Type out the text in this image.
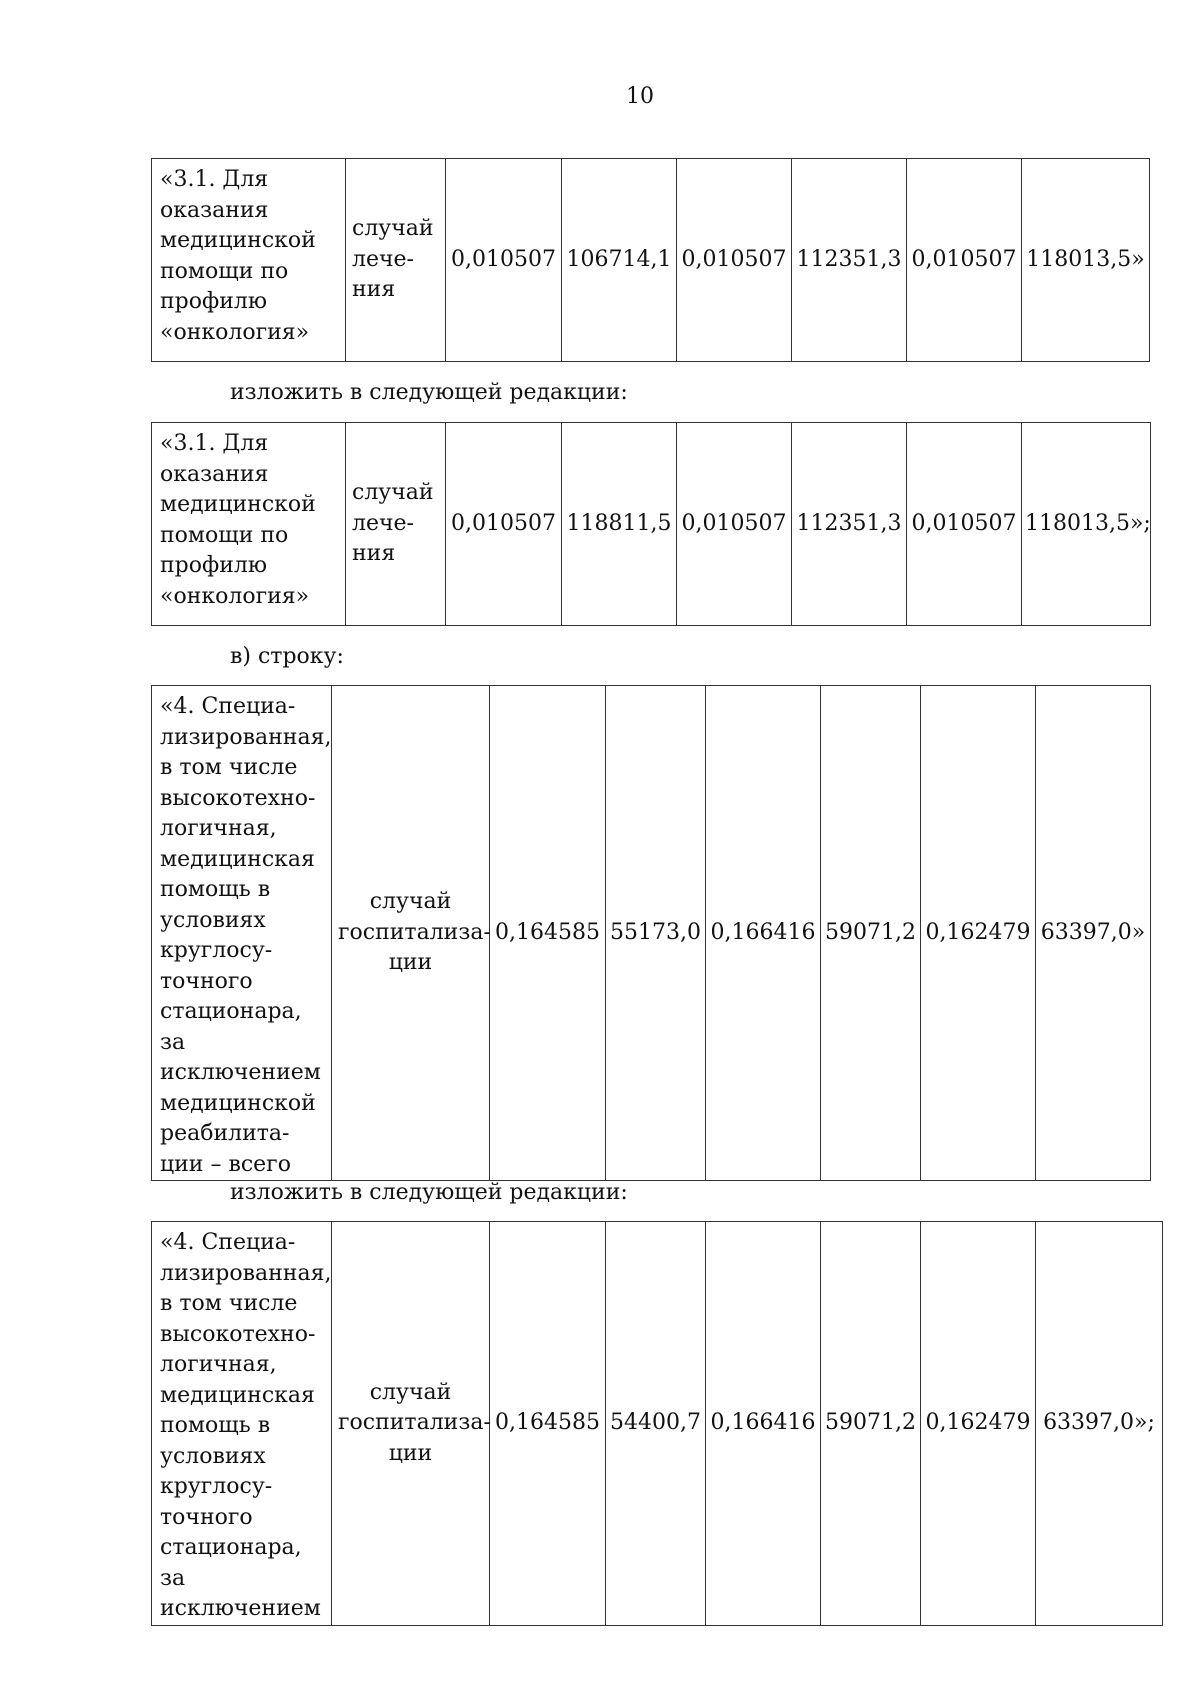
10
«3.1. Для
оказания
медицинской
помощи по
профилю
«онкология»	случай
лече-
ния	0,010507	106714,1	0,010507	112351,3	0,010507	118013,5»
изложить в следующей редакции:
«3.1. Для
оказания
медицинской
помощи по
профилю
«онкология»	случай
лече-
ния	0,010507	118811,5	0,010507	112351,3	0,010507	118013,5»;
в) строку:
«4. Специа-
лизированная,
в том числе
высокотехно-
логичная,
медицинская
помощь в
условиях
круглосу-
точного
стационара, за
исключением
медицинской
реабилита-
ции – всего	случай
госпитализа-
ции	0,164585	55173,0	0,166416	59071,2	0,162479	63397,0»
изложить в следующей редакции:
«4. Специа-
лизированная,
в том числе
высокотехно-
логичная,
медицинская
помощь в
условиях
круглосу-
точного
стационара, за
исключением	случай
госпитализа-
ции	0,164585	54400,7	0,166416	59071,2	0,162479	63397,0»;
